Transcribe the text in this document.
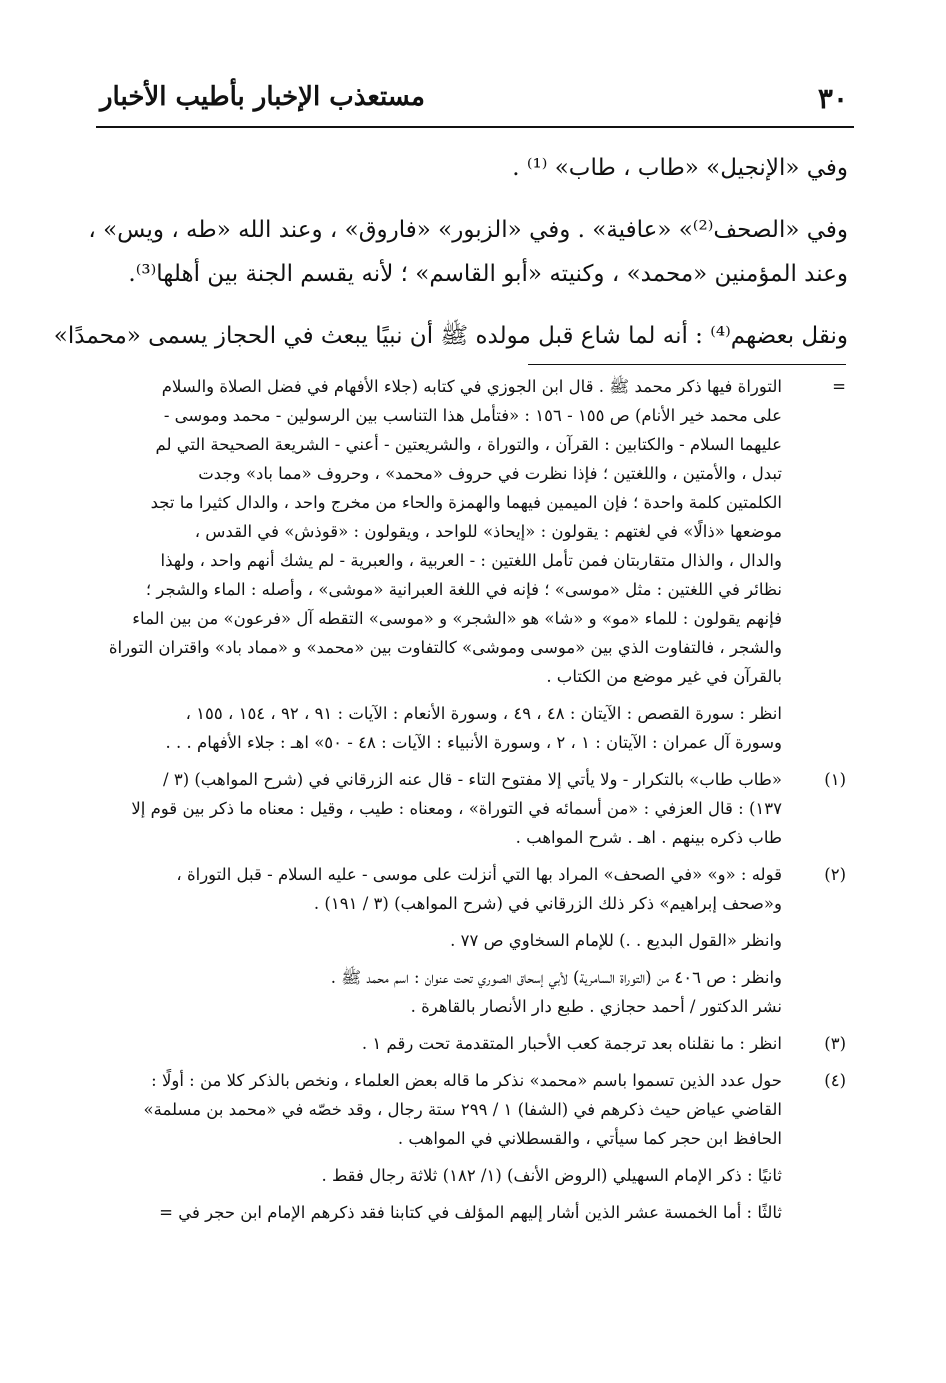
٣٠
مستعذب الإخبار بأطيب الأخبار

وفي «الإنجيل» «طاب ، طاب» ⁽¹⁾ .

وفي «الصحف⁽²⁾» «عافية» . وفي «الزبور» «فاروق» ، وعند الله «طه ، ويس» ،
وعند المؤمنين «محمد» ، وكنيته «أبو القاسم» ؛ لأنه يقسم الجنة بين أهلها⁽³⁾.

ونقل بعضهم⁽⁴⁾ : أنه لما شاع قبل مولده ﷺ أن نبيًا يبعث في الحجاز يسمى «محمدًا»

=
التوراة فيها ذكر محمد ﷺ . قال ابن الجوزي في كتابه (جلاء الأفهام في فضل الصلاة والسلام
على محمد خير الأنام) ص ١٥٥ - ١٥٦ : «فتأمل هذا التناسب بين الرسولين - محمد وموسى -
عليهما السلام - والكتابين : القرآن ، والتوراة ، والشريعتين - أعني - الشريعة الصحيحة التي لم
تبدل ، والأمتين ، واللغتين ؛ فإذا نظرت في حروف «محمد» ، وحروف «مما باد» وجدت
الكلمتين كلمة واحدة ؛ فإن الميمين فيهما والهمزة والحاء من مخرج واحد ، والدال كثيرا ما تجد
موضعها «ذالًا» في لغتهم : يقولون : «إيحاذ» للواحد ، ويقولون : «قوذش» في القدس ،
والدال ، والذال متقاربتان فمن تأمل اللغتين : - العربية ، والعبرية - لم يشك أنهم واحد ، ولهذا
نظائر في اللغتين : مثل «موسى» ؛ فإنه في اللغة العبرانية «موشى» ، وأصله : الماء والشجر ؛
فإنهم يقولون : للماء «مو» و «شا» هو «الشجر» و «موسى» التقطه آل «فرعون» من بين الماء
والشجر ، فالتفاوت الذي بين «موسى وموشى» كالتفاوت بين «محمد» و «مماد باد» واقتران التوراة
بالقرآن في غير موضع من الكتاب .
انظر : سورة القصص : الآيتان : ٤٨ ، ٤٩ ، وسورة الأنعام : الآيات : ٩١ ، ٩٢ ، ١٥٤ ، ١٥٥ ،
وسورة آل عمران : الآيتان : ١ ، ٢ ، وسورة الأنبياء : الآيات : ٤٨ - ٥٠» اهـ : جلاء الأفهام . . .
(١)
«طاب طاب» بالتكرار - ولا يأتي إلا مفتوح التاء - قال عنه الزرقاني في (شرح المواهب) (٣ /
١٣٧) : قال العزفي : «من أسمائه في التوراة» ، ومعناه : طيب ، وقيل : معناه ما ذكر بين قوم إلا
طاب ذكره بينهم . اهـ . شرح المواهب .
(٢)
قوله : «و» «في الصحف» المراد بها التي أنزلت على موسى - عليه السلام - قبل التوراة ،
و«صحف إبراهيم» ذكر ذلك الزرقاني في (شرح المواهب) (٣ / ١٩١) .
وانظر «القول البديع . .) للإمام السخاوي ص ٧٧ .
وانظر : ص ٤٠٦ من (التوراة السامرية) لأبي إسحاق الصوري تحت عنوان : اسم محمد ﷺ .
نشر الدكتور / أحمد حجازي . طبع دار الأنصار بالقاهرة .
(٣)
انظر : ما نقلناه بعد ترجمة كعب الأحبار المتقدمة تحت رقم ١ .
(٤)
حول عدد الذين تسموا باسم «محمد» نذكر ما قاله بعض العلماء ، ونخص بالذكر كلا من : أولًا :
القاضي عياض حيث ذكرهم في (الشفا) ١ / ٢٩٩ ستة رجال ، وقد خصّه في «محمد بن مسلمة»
الحافظ ابن حجر كما سيأتي ، والقسطلاني في المواهب .
ثانيًا : ذكر الإمام السهيلي (الروض الأنف) (١/ ١٨٢) ثلاثة رجال فقط .
ثالثًا : أما الخمسة عشر الذين أشار إليهم المؤلف في كتابنا فقد ذكرهم الإمام ابن حجر في =
